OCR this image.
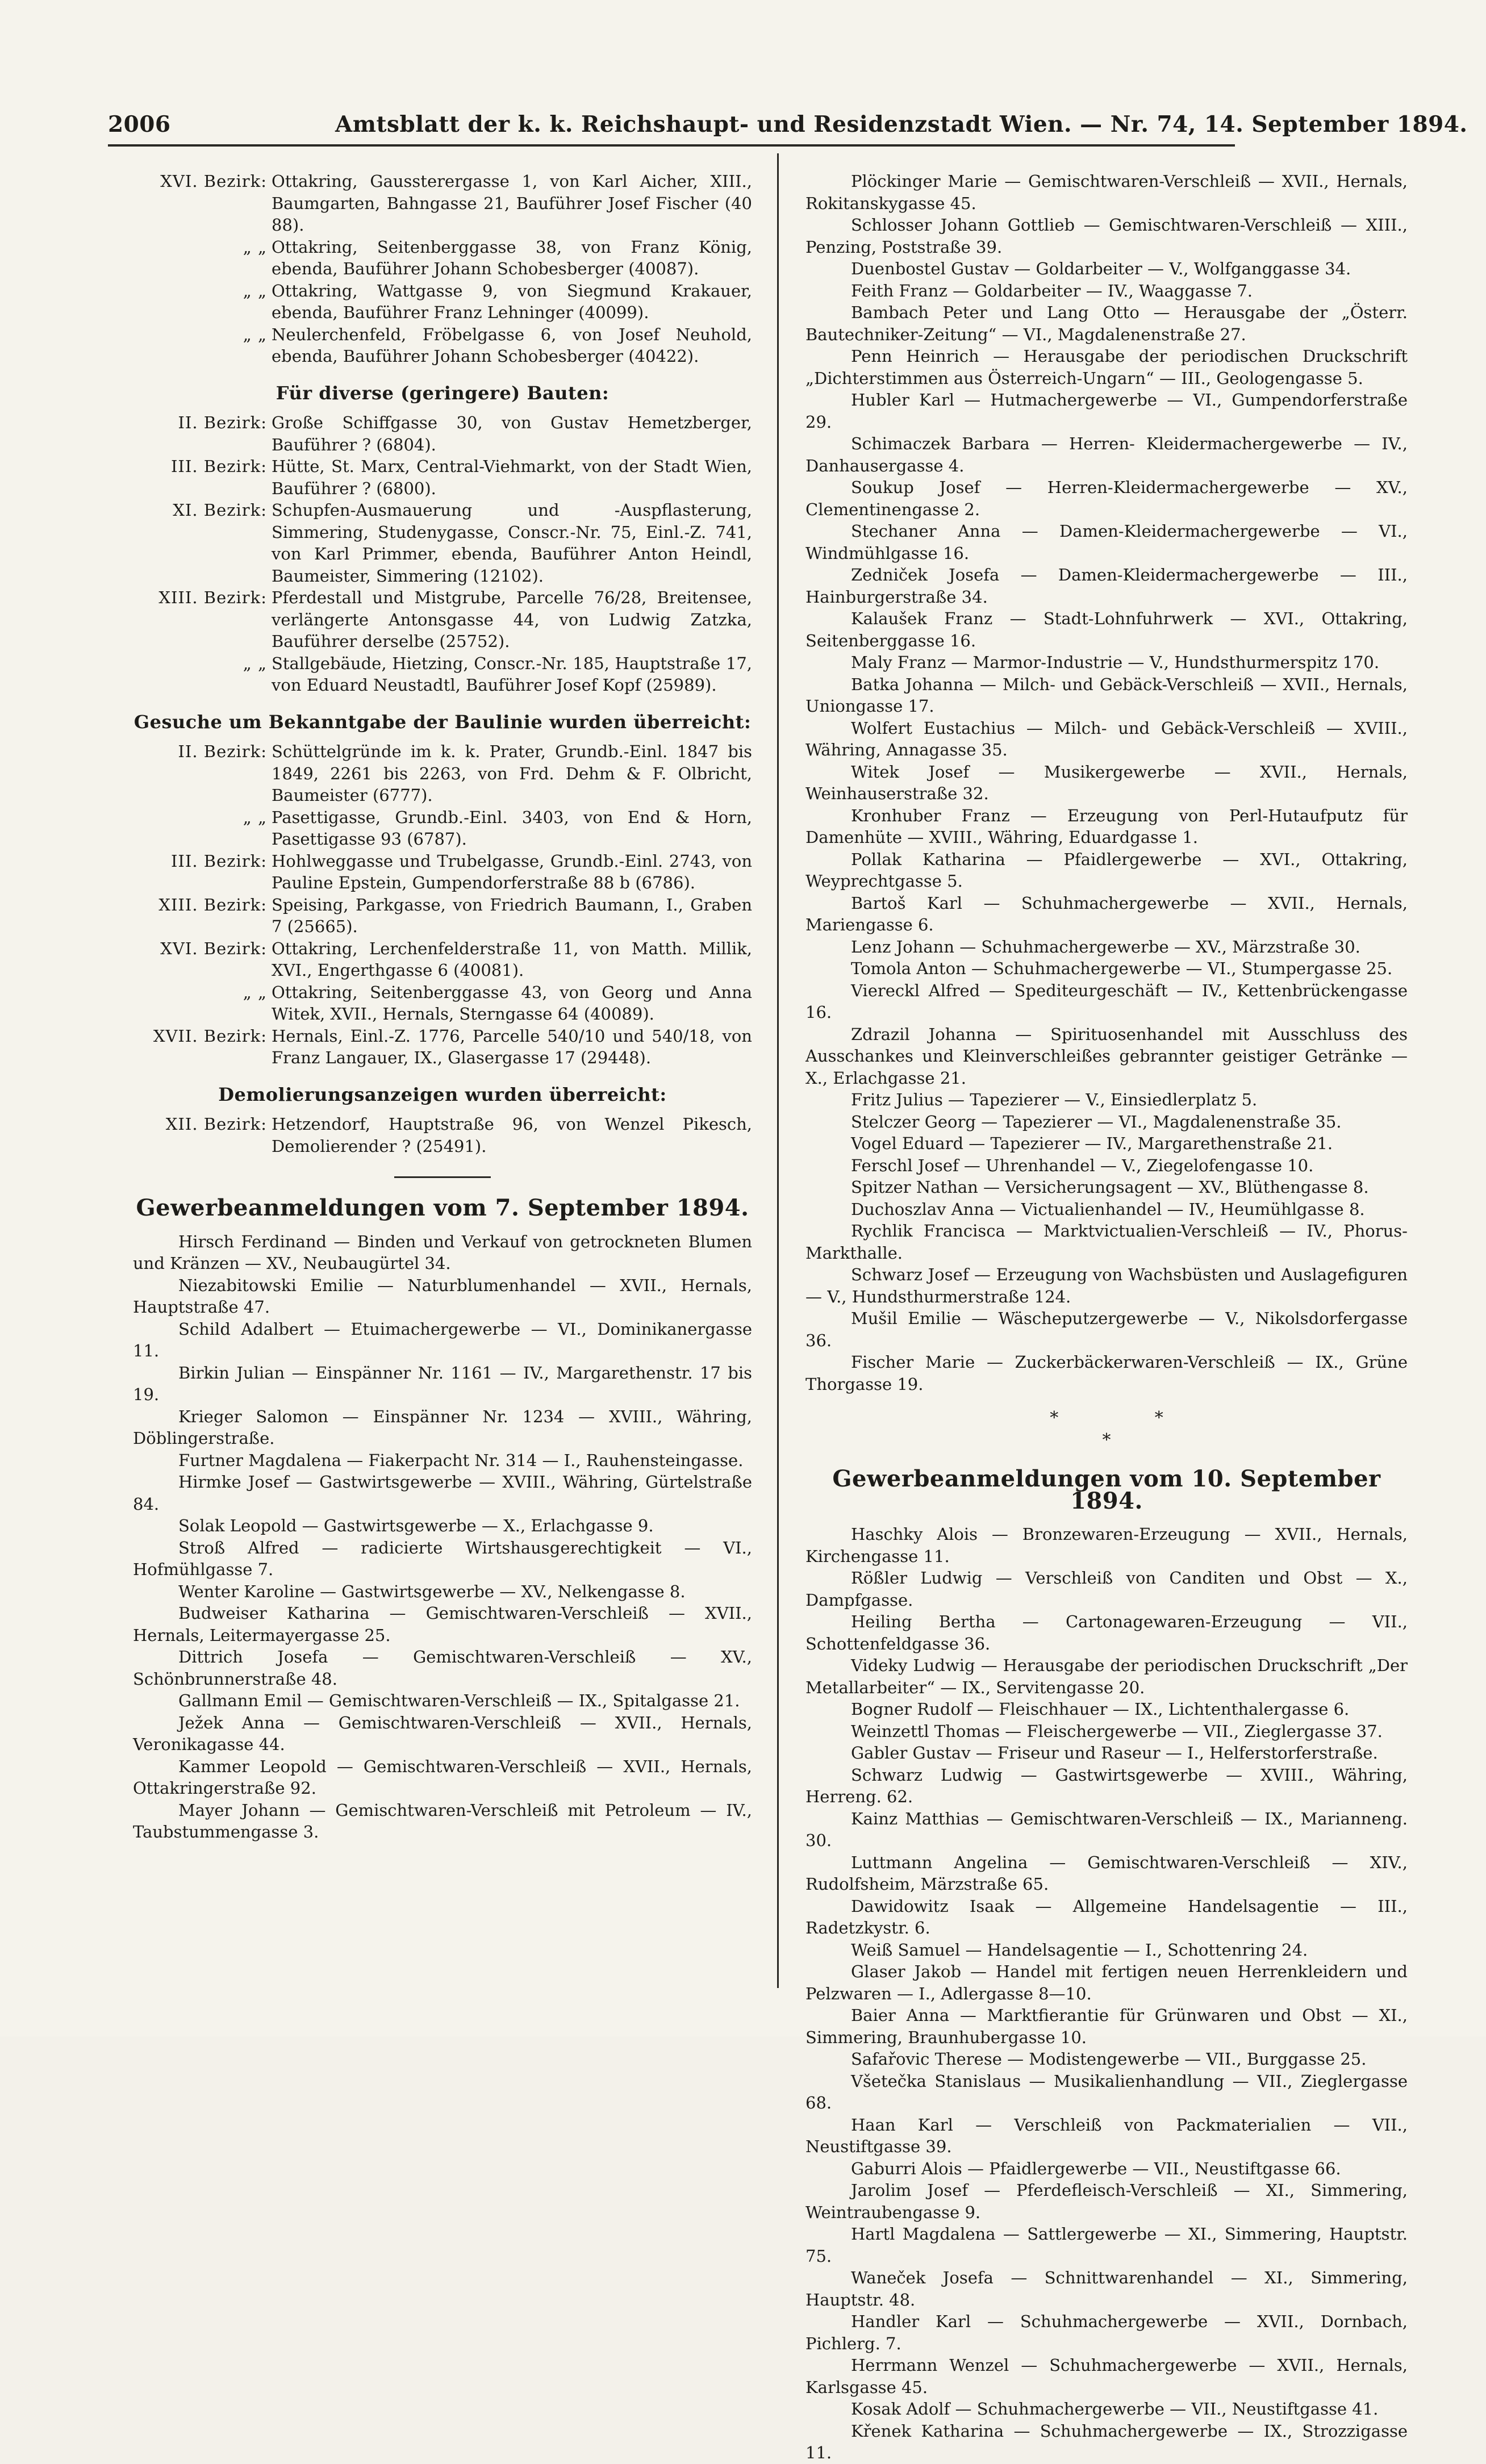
2006	Amtsblatt der k. k. Reichshaupt- und Residenzstadt Wien. — Nr. 74, 14. September 1894.
XVI. Bezirk: Ottakring, Gaussterergasse 1, von Karl Aicher, XIII., Baumgarten, Bahngasse 21, Bauführer Josef Fischer (40 88).
„ „ Ottakring, Seitenberggasse 38, von Franz König, ebenda, Bauführer Johann Schobesberger (40087).
„ „ Ottakring, Wattgasse 9, von Siegmund Krakauer, ebenda, Bauführer Franz Lehninger (40099).
„ „ Neulerchenfeld, Fröbelgasse 6, von Josef Neuhold, ebenda, Bauführer Johann Schobesberger (40422).
Für diverse (geringere) Bauten:
II. Bezirk: Große Schiffgasse 30, von Gustav Hemetzberger, Bauführer ? (6804).
III. Bezirk: Hütte, St. Marx, Central-Viehmarkt, von der Stadt Wien, Bauführer ? (6800).
XI. Bezirk: Schupfen-Ausmauerung und -Auspflasterung, Simmering, Studenygasse, Conscr.-Nr. 75, Einl.-Z. 741, von Karl Primmer, ebenda, Bauführer Anton Heindl, Baumeister, Simmering (12102).
XIII. Bezirk: Pferdestall und Mistgrube, Parcelle 76/28, Breitensee, verlängerte Antonsgasse 44, von Ludwig Zatzka, Bauführer derselbe (25752).
„ „ Stallgebäude, Hietzing, Conscr.-Nr. 185, Hauptstraße 17, von Eduard Neustadtl, Bauführer Josef Kopf (25989).
Gesuche um Bekanntgabe der Baulinie wurden überreicht:
II. Bezirk: Schüttelgründe im k. k. Prater, Grundb.-Einl. 1847 bis 1849, 2261 bis 2263, von Frd. Dehm & F. Olbricht, Baumeister (6777).
„ „ Pasettigasse, Grundb.-Einl. 3403, von End & Horn, Pasettigasse 93 (6787).
III. Bezirk: Hohlweggasse und Trubelgasse, Grundb.-Einl. 2743, von Pauline Epstein, Gumpendorferstraße 88 b (6786).
XIII. Bezirk: Speising, Parkgasse, von Friedrich Baumann, I., Graben 7 (25665).
XVI. Bezirk: Ottakring, Lerchenfelderstraße 11, von Matth. Millik, XVI., Engerthgasse 6 (40081).
„ „ Ottakring, Seitenberggasse 43, von Georg und Anna Witek, XVII., Hernals, Sterngasse 64 (40089).
XVII. Bezirk: Hernals, Einl.-Z. 1776, Parcelle 540/10 und 540/18, von Franz Langauer, IX., Glasergasse 17 (29448).
Demolierungsanzeigen wurden überreicht:
XII. Bezirk: Hetzendorf, Hauptstraße 96, von Wenzel Pikesch, Demolierender ? (25491).
Gewerbeanmeldungen vom 7. September 1894.
Hirsch Ferdinand — Binden und Verkauf von getrockneten Blumen und Kränzen — XV., Neubaugürtel 34.
Niezabitowski Emilie — Naturblumenhandel — XVII., Hernals, Hauptstraße 47.
Schild Adalbert — Etuimachergewerbe — VI., Dominikanergasse 11.
Birkin Julian — Einspänner Nr. 1161 — IV., Margarethenstr. 17 bis 19.
Krieger Salomon — Einspänner Nr. 1234 — XVIII., Währing, Döblingerstraße.
Furtner Magdalena — Fiakerpacht Nr. 314 — I., Rauhensteingasse.
Hirmke Josef — Gastwirtsgewerbe — XVIII., Währing, Gürtelstraße 84.
Solak Leopold — Gastwirtsgewerbe — X., Erlachgasse 9.
Stroß Alfred — radicierte Wirtshausgerechtigkeit — VI., Hofmühlgasse 7.
Wenter Karoline — Gastwirtsgewerbe — XV., Nelkengasse 8.
Budweiser Katharina — Gemischtwaren-Verschleiß — XVII., Hernals, Leitermayergasse 25.
Dittrich Josefa — Gemischtwaren-Verschleiß — XV., Schönbrunnerstraße 48.
Gallmann Emil — Gemischtwaren-Verschleiß — IX., Spitalgasse 21.
Ježek Anna — Gemischtwaren-Verschleiß — XVII., Hernals, Veronikagasse 44.
Kammer Leopold — Gemischtwaren-Verschleiß — XVII., Hernals, Ottakringerstraße 92.
Mayer Johann — Gemischtwaren-Verschleiß mit Petroleum — IV., Taubstummengasse 3.
Plöckinger Marie — Gemischtwaren-Verschleiß — XVII., Hernals, Rokitanskygasse 45.
Schlosser Johann Gottlieb — Gemischtwaren-Verschleiß — XIII., Penzing, Poststraße 39.
Duenbostel Gustav — Goldarbeiter — V., Wolfganggasse 34.
Feith Franz — Goldarbeiter — IV., Waaggasse 7.
Bambach Peter und Lang Otto — Herausgabe der „Österr. Bautechniker-Zeitung“ — VI., Magdalenenstraße 27.
Penn Heinrich — Herausgabe der periodischen Druckschrift „Dichterstimmen aus Österreich-Ungarn“ — III., Geologengasse 5.
Hubler Karl — Hutmachergewerbe — VI., Gumpendorferstraße 29.
Schimaczek Barbara — Herren- Kleidermachergewerbe — IV., Danhausergasse 4.
Soukup Josef — Herren-Kleidermachergewerbe — XV., Clementinengasse 2.
Stechaner Anna — Damen-Kleidermachergewerbe — VI., Windmühlgasse 16.
Zedniček Josefa — Damen-Kleidermachergewerbe — III., Hainburgerstraße 34.
Kalaušek Franz — Stadt-Lohnfuhrwerk — XVI., Ottakring, Seitenberggasse 16.
Maly Franz — Marmor-Industrie — V., Hundsthurmerspitz 170.
Batka Johanna — Milch- und Gebäck-Verschleiß — XVII., Hernals, Uniongasse 17.
Wolfert Eustachius — Milch- und Gebäck-Verschleiß — XVIII., Währing, Annagasse 35.
Witek Josef — Musikergewerbe — XVII., Hernals, Weinhauserstraße 32.
Kronhuber Franz — Erzeugung von Perl-Hutaufputz für Damenhüte — XVIII., Währing, Eduardgasse 1.
Pollak Katharina — Pfaidlergewerbe — XVI., Ottakring, Weyprechtgasse 5.
Bartoš Karl — Schuhmachergewerbe — XVII., Hernals, Mariengasse 6.
Lenz Johann — Schuhmachergewerbe — XV., Märzstraße 30.
Tomola Anton — Schuhmachergewerbe — VI., Stumpergasse 25.
Viereckl Alfred — Spediteurgeschäft — IV., Kettenbrückengasse 16.
Zdrazil Johanna — Spirituosenhandel mit Ausschluss des Ausschankes und Kleinverschleißes gebrannter geistiger Getränke — X., Erlachgasse 21.
Fritz Julius — Tapezierer — V., Einsiedlerplatz 5.
Stelczer Georg — Tapezierer — VI., Magdalenenstraße 35.
Vogel Eduard — Tapezierer — IV., Margarethenstraße 21.
Ferschl Josef — Uhrenhandel — V., Ziegelofengasse 10.
Spitzer Nathan — Versicherungsagent — XV., Blüthengasse 8.
Duchoszlav Anna — Victualienhandel — IV., Heumühlgasse 8.
Rychlik Francisca — Marktvictualien-Verschleiß — IV., Phorus-Markthalle.
Schwarz Josef — Erzeugung von Wachsbüsten und Auslagefiguren — V., Hundsthurmerstraße 124.
Mušil Emilie — Wäscheputzergewerbe — V., Nikolsdorfergasse 36.
Fischer Marie — Zuckerbäckerwaren-Verschleiß — IX., Grüne Thorgasse 19.
* *
*
Gewerbeanmeldungen vom 10. September 1894.
Haschky Alois — Bronzewaren-Erzeugung — XVII., Hernals, Kirchengasse 11.
Rößler Ludwig — Verschleiß von Canditen und Obst — X., Dampfgasse.
Heiling Bertha — Cartonagewaren-Erzeugung — VII., Schottenfeldgasse 36.
Videky Ludwig — Herausgabe der periodischen Druckschrift „Der Metallarbeiter“ — IX., Servitengasse 20.
Bogner Rudolf — Fleischhauer — IX., Lichtenthalergasse 6.
Weinzettl Thomas — Fleischergewerbe — VII., Zieglergasse 37.
Gabler Gustav — Friseur und Raseur — I., Helferstorferstraße.
Schwarz Ludwig — Gastwirtsgewerbe — XVIII., Währing, Herreng. 62.
Kainz Matthias — Gemischtwaren-Verschleiß — IX., Marianneng. 30.
Luttmann Angelina — Gemischtwaren-Verschleiß — XIV., Rudolfsheim, Märzstraße 65.
Dawidowitz Isaak — Allgemeine Handelsagentie — III., Radetzkystr. 6.
Weiß Samuel — Handelsagentie — I., Schottenring 24.
Glaser Jakob — Handel mit fertigen neuen Herrenkleidern und Pelzwaren — I., Adlergasse 8—10.
Baier Anna — Marktfierantie für Grünwaren und Obst — XI., Simmering, Braunhubergasse 10.
Safařovic Therese — Modistengewerbe — VII., Burggasse 25.
Všetečka Stanislaus — Musikalienhandlung — VII., Zieglergasse 68.
Haan Karl — Verschleiß von Packmaterialien — VII., Neustiftgasse 39.
Gaburri Alois — Pfaidlergewerbe — VII., Neustiftgasse 66.
Jarolim Josef — Pferdefleisch-Verschleiß — XI., Simmering, Weintraubengasse 9.
Hartl Magdalena — Sattlergewerbe — XI., Simmering, Hauptstr. 75.
Waneček Josefa — Schnittwarenhandel — XI., Simmering, Hauptstr. 48.
Handler Karl — Schuhmachergewerbe — XVII., Dornbach, Pichlerg. 7.
Herrmann Wenzel — Schuhmachergewerbe — XVII., Hernals, Karlsgasse 45.
Kosak Adolf — Schuhmachergewerbe — VII., Neustiftgasse 41.
Křenek Katharina — Schuhmachergewerbe — IX., Strozzigasse 11.
